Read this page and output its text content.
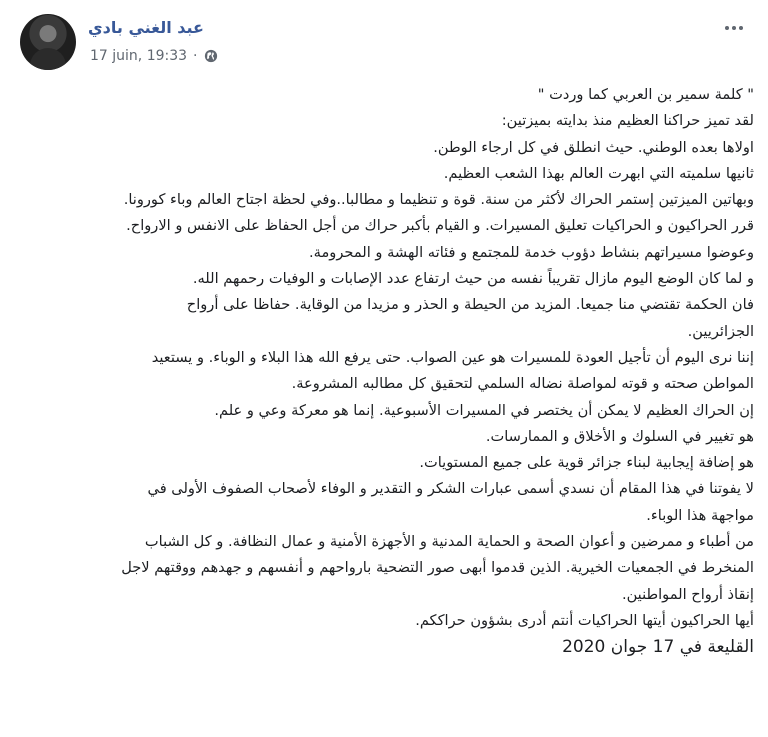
عبد الغني بادي
17 juin, 19:33 ·

" كلمة سمير بن العربي كما وردت "

لقد تميز حراكنا العظيم منذ بدايته بميزتين:

اولاها بعده الوطني. حيث انطلق في كل ارجاء الوطن.

ثانيها سلميته التي ابهرت العالم بهذا الشعب العظيم.

وبهاتين الميزتين إستمر الحراك لأكثر من سنة. قوة و تنظيما و مطالبا..وفي لحظة اجتاح العالم وباء كورونا.

قرر الحراكيون و الحراكيات تعليق المسيرات. و القيام بأكبر حراك من أجل الحفاظ على الانفس و الارواح.

وعوضوا مسيراتهم بنشاط دؤوب خدمة للمجتمع و فئاته الهشة و المحرومة.

و لما كان الوضع اليوم مازال تقريباً نفسه من حيث ارتفاع عدد الإصابات و الوفيات رحمهم الله.

فان الحكمة تقتضي منا جميعا. المزيد من الحيطة و الحذر و مزيدا من الوقاية. حفاظا على أرواح

الجزائريين.

إننا نرى اليوم أن تأجيل العودة للمسيرات هو عين الصواب. حتى يرفع الله هذا البلاء و الوباء. و يستعيد

المواطن صحته و قوته لمواصلة نضاله السلمي لتحقيق كل مطالبه المشروعة.

إن الحراك العظيم لا يمكن أن يختصر في المسيرات الأسبوعية. إنما هو معركة وعي و علم.

هو تغيير في السلوك و الأخلاق و الممارسات.

هو إضافة إيجابية لبناء جزائر قوية على جميع المستويات.

لا يفوتنا في هذا المقام أن نسدي أسمى عبارات الشكر و التقدير و الوفاء لأصحاب الصفوف الأولى في

مواجهة هذا الوباء.

من أطباء و ممرضين و أعوان الصحة و الحماية المدنية و الأجهزة الأمنية و عمال النظافة. و كل الشباب

المنخرط في الجمعيات الخيرية. الذين قدموا أبهى صور التضحية بارواحهم و أنفسهم و جهدهم ووقتهم لاجل

إنقاذ أرواح المواطنين.

أيها الحراكيون أيتها الحراكيات أنتم أدرى بشؤون حراككم.

القليعة في 17 جوان 2020
